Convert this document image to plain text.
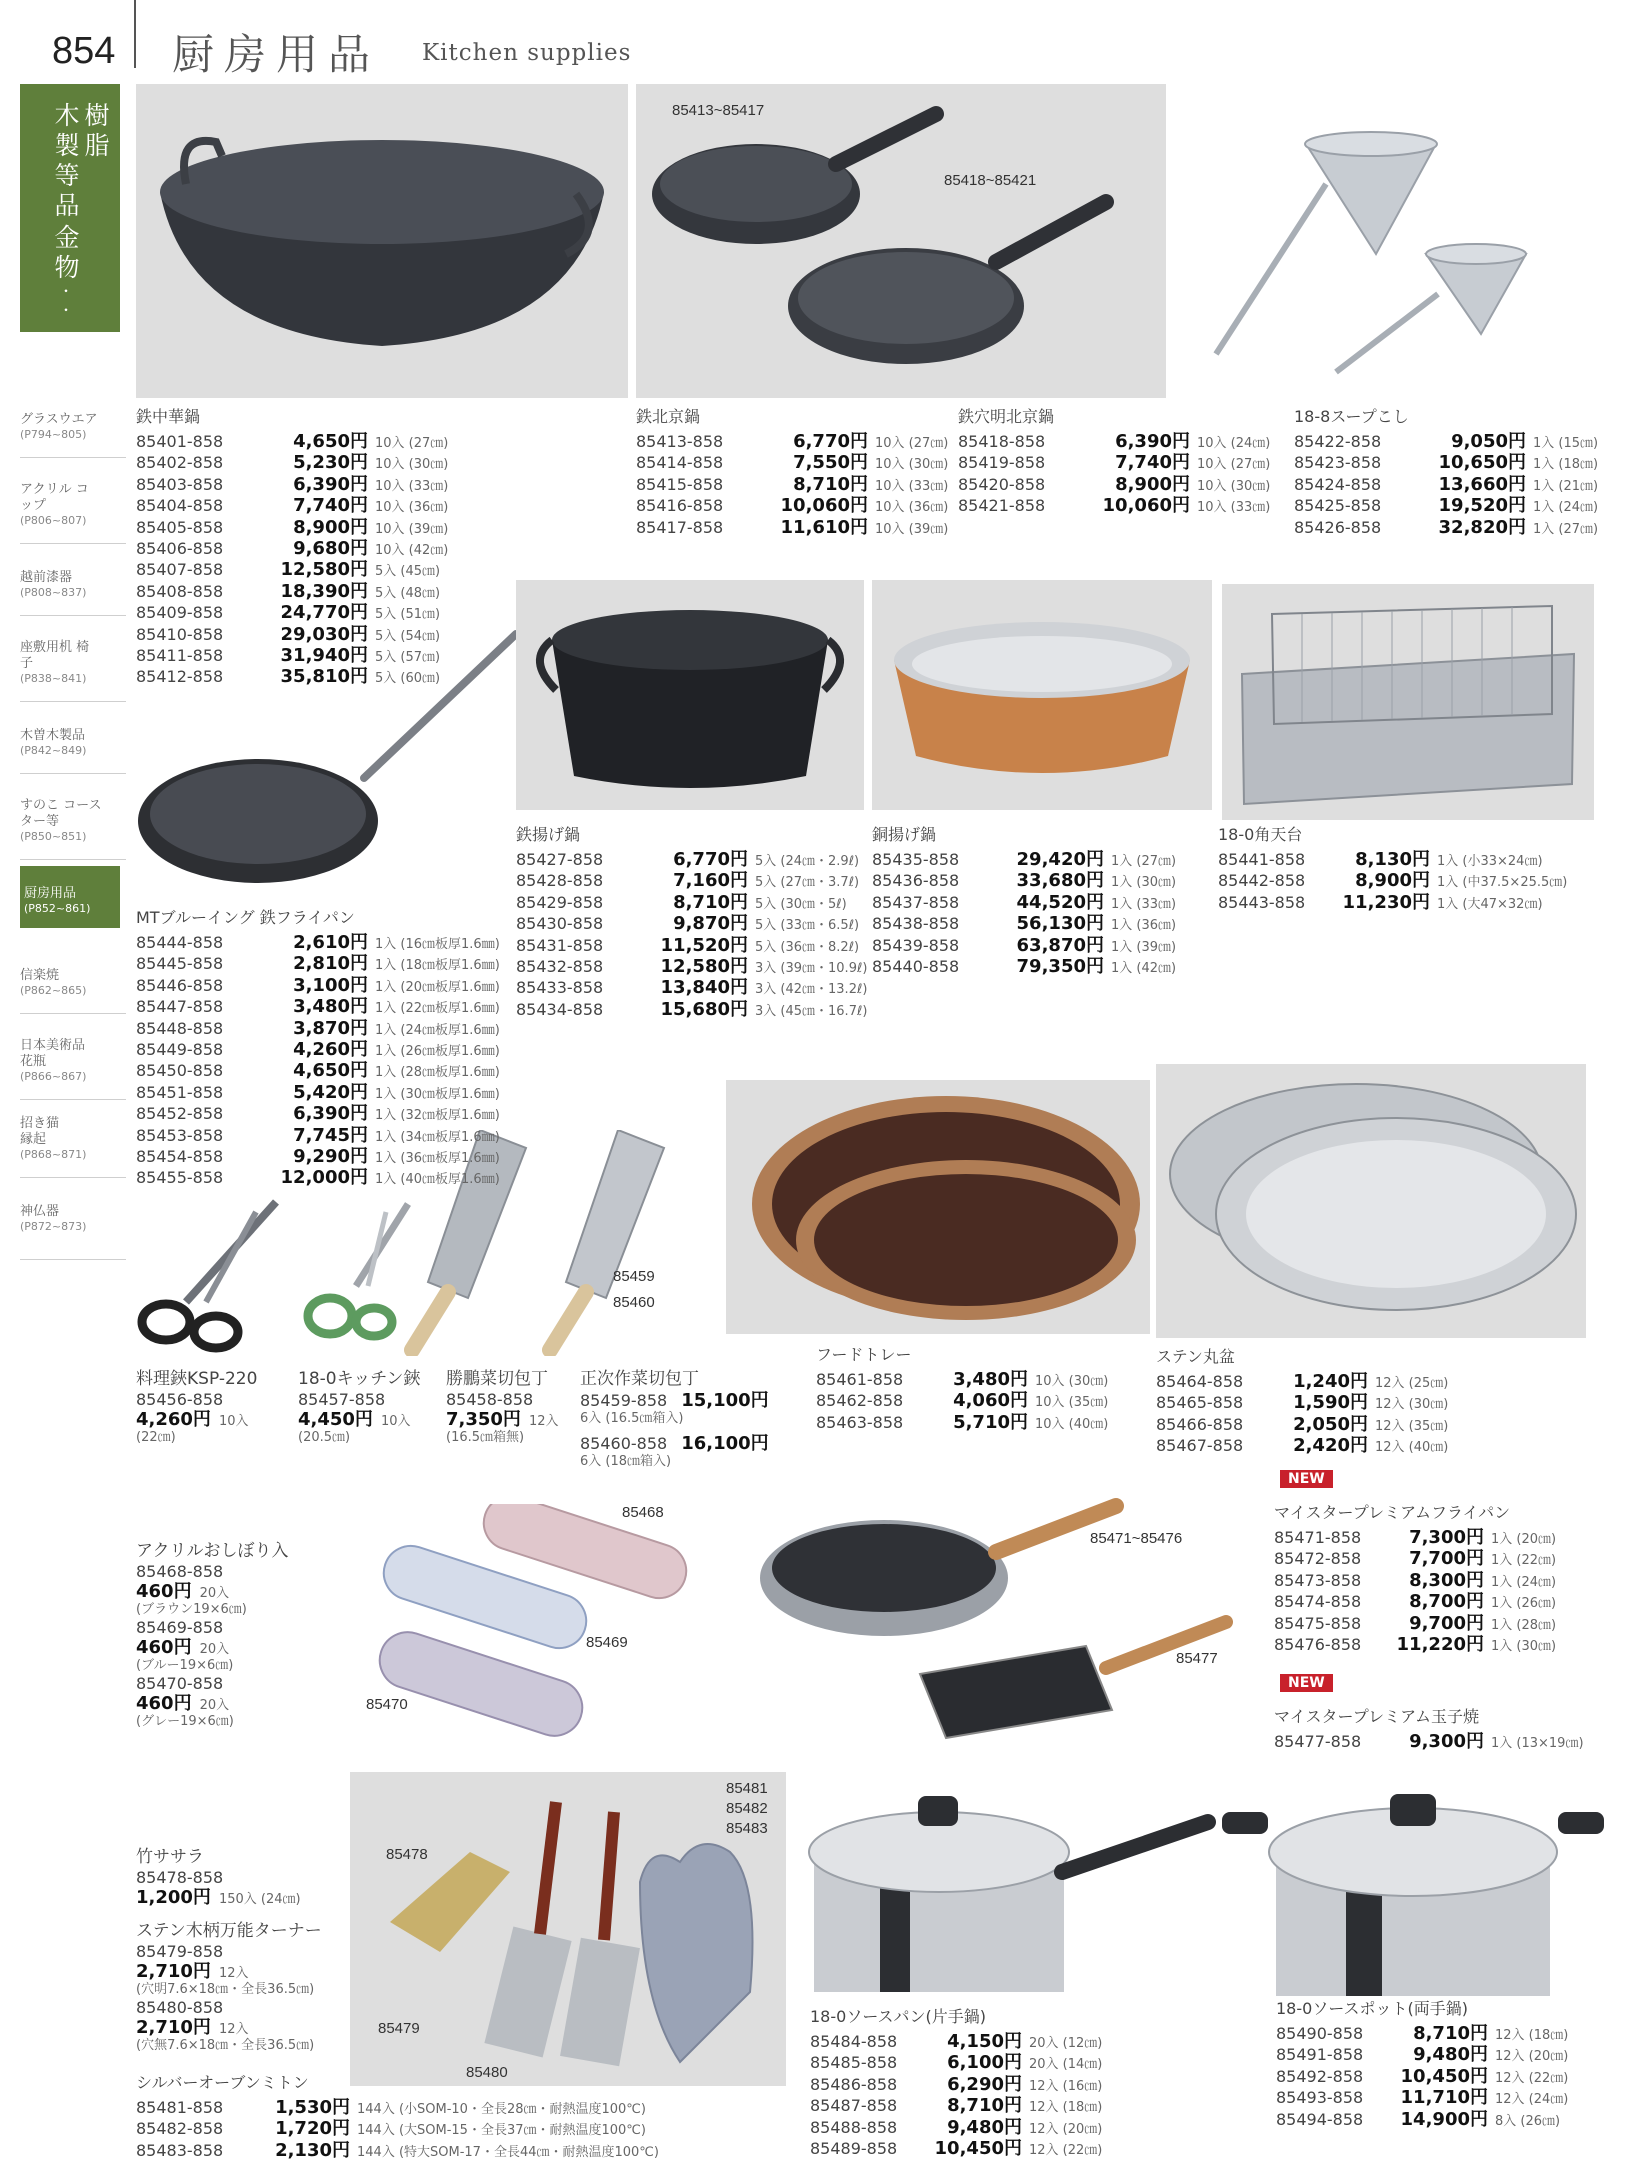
854 厨房用品 Kitchen supplies
樹脂
木製等品
金物
・・
グラスウエア
(P794~805)
アクリル コップ
(P806~807)
越前漆器
(P808~837)
座敷用机 椅子
(P838~841)
木曽木製品
(P842~849)
すのこ コースター等
(P850~851)
厨房用品
(P852~861)
信楽焼
(P862~865)
日本美術品 花瓶
(P866~867)
招き猫 縁起
(P868~871)
神仏器
(P872~873)
85413~85417
85418~85421
85459
85460
85468
85469
85470
85471~85476
85477
85478
85479
85480
85481
85482
85483
鉄中華鍋
85401-858	4,650円 10入 (27㎝)
85402-858	5,230円 10入 (30㎝)
85403-858	6,390円 10入 (33㎝)
85404-858	7,740円 10入 (36㎝)
85405-858	8,900円 10入 (39㎝)
85406-858	9,680円 10入 (42㎝)
85407-858	12,580円 5入 (45㎝)
85408-858	18,390円 5入 (48㎝)
85409-858	24,770円 5入 (51㎝)
85410-858	29,030円 5入 (54㎝)
85411-858	31,940円 5入 (57㎝)
85412-858	35,810円 5入 (60㎝)
鉄北京鍋
85413-858	6,770円 10入 (27㎝)
85414-858	7,550円 10入 (30㎝)
85415-858	8,710円 10入 (33㎝)
85416-858	10,060円 10入 (36㎝)
85417-858	11,610円 10入 (39㎝)
鉄穴明北京鍋
85418-858	6,390円 10入 (24㎝)
85419-858	7,740円 10入 (27㎝)
85420-858	8,900円 10入 (30㎝)
85421-858	10,060円 10入 (33㎝)
18-8スープこし
85422-858	9,050円 1入 (15㎝)
85423-858	10,650円 1入 (18㎝)
85424-858	13,660円 1入 (21㎝)
85425-858	19,520円 1入 (24㎝)
85426-858	32,820円 1入 (27㎝)
MTブルーイング 鉄フライパン
85444-858	2,610円 1入 (16㎝板厚1.6㎜)
85445-858	2,810円 1入 (18㎝板厚1.6㎜)
85446-858	3,100円 1入 (20㎝板厚1.6㎜)
85447-858	3,480円 1入 (22㎝板厚1.6㎜)
85448-858	3,870円 1入 (24㎝板厚1.6㎜)
85449-858	4,260円 1入 (26㎝板厚1.6㎜)
85450-858	4,650円 1入 (28㎝板厚1.6㎜)
85451-858	5,420円 1入 (30㎝板厚1.6㎜)
85452-858	6,390円 1入 (32㎝板厚1.6㎜)
85453-858	7,745円 1入 (34㎝板厚1.6㎜)
85454-858	9,290円 1入 (36㎝板厚1.6㎜)
85455-858	12,000円 1入 (40㎝板厚1.6㎜)
鉄揚げ鍋
85427-858	6,770円 5入 (24㎝・2.9ℓ)
85428-858	7,160円 5入 (27㎝・3.7ℓ)
85429-858	8,710円 5入 (30㎝・5ℓ)
85430-858	9,870円 5入 (33㎝・6.5ℓ)
85431-858	11,520円 5入 (36㎝・8.2ℓ)
85432-858	12,580円 3入 (39㎝・10.9ℓ)
85433-858	13,840円 3入 (42㎝・13.2ℓ)
85434-858	15,680円 3入 (45㎝・16.7ℓ)
銅揚げ鍋
85435-858	29,420円 1入 (27㎝)
85436-858	33,680円 1入 (30㎝)
85437-858	44,520円 1入 (33㎝)
85438-858	56,130円 1入 (36㎝)
85439-858	63,870円 1入 (39㎝)
85440-858	79,350円 1入 (42㎝)
18-0角天台
85441-858	8,130円 1入 (小33×24㎝)
85442-858	8,900円 1入 (中37.5×25.5㎝)
85443-858	11,230円 1入 (大47×32㎝)
フードトレー
85461-858	3,480円 10入 (30㎝)
85462-858	4,060円 10入 (35㎝)
85463-858	5,710円 10入 (40㎝)
ステン丸盆
85464-858	1,240円 12入 (25㎝)
85465-858	1,590円 12入 (30㎝)
85466-858	2,050円 12入 (35㎝)
85467-858	2,420円 12入 (40㎝)
NEW
マイスタープレミアムフライパン
85471-858	7,300円 1入 (20㎝)
85472-858	7,700円 1入 (22㎝)
85473-858	8,300円 1入 (24㎝)
85474-858	8,700円 1入 (26㎝)
85475-858	9,700円 1入 (28㎝)
85476-858	11,220円 1入 (30㎝)
NEW
マイスタープレミアム玉子焼
85477-858	9,300円 1入 (13×19㎝)
シルバーオーブンミトン
85481-858	1,530円 144入 (小SOM-10・全長28㎝・耐熱温度100℃)
85482-858	1,720円 144入 (大SOM-15・全長37㎝・耐熱温度100℃)
85483-858	2,130円 144入 (特大SOM-17・全長44㎝・耐熱温度100℃)
18-0ソースパン(片手鍋)
85484-858	4,150円 20入 (12㎝)
85485-858	6,100円 20入 (14㎝)
85486-858	6,290円 12入 (16㎝)
85487-858	8,710円 12入 (18㎝)
85488-858	9,480円 12入 (20㎝)
85489-858	10,450円 12入 (22㎝)
18-0ソースポット(両手鍋)
85490-858	8,710円 12入 (18㎝)
85491-858	9,480円 12入 (20㎝)
85492-858	10,450円 12入 (22㎝)
85493-858	11,710円 12入 (24㎝)
85494-858	14,900円 8入 (26㎝)
料理鋏KSP-220
85456-858
4,260円 10入
(22㎝)
18-0キッチン鋏
85457-858
4,450円 10入
(20.5㎝)
勝鵬菜切包丁
85458-858
7,350円 12入
(16.5㎝箱無)
正次作菜切包丁
85459-858 15,100円
6入 (16.5㎝箱入)
85460-858 16,100円
6入 (18㎝箱入)
アクリルおしぼり入
85468-858
460円 20入
(ブラウン19×6㎝)
85469-858
460円 20入
(ブルー19×6㎝)
85470-858
460円 20入
(グレー19×6㎝)
竹ササラ
85478-858
1,200円 150入 (24㎝)
ステン木柄万能ターナー
85479-858
2,710円 12入
(穴明7.6×18㎝・全長36.5㎝)
85480-858
2,710円 12入
(穴無7.6×18㎝・全長36.5㎝)
